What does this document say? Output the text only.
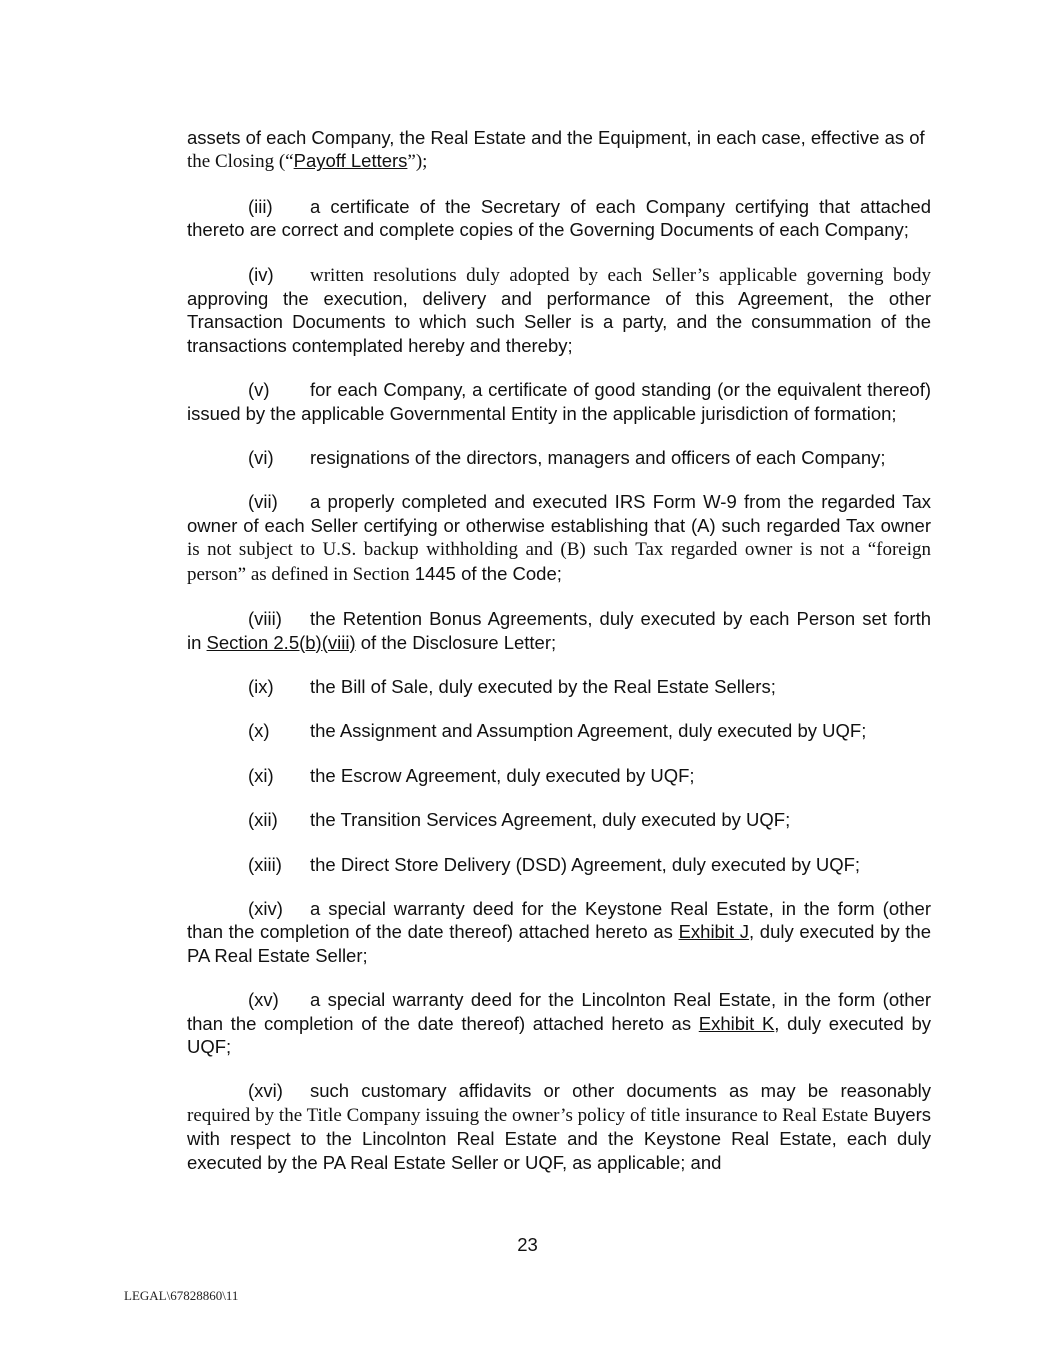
assets of each Company, the Real Estate and the Equipment, in each case, effective as of
the Closing (“Payoff Letters”);

(iii) a certificate of the Secretary of each Company certifying that attached thereto are correct and complete copies of the Governing Documents of each Company;

(iv) written resolutions duly adopted by each Seller’s applicable governing body approving the execution, delivery and performance of this Agreement, the other Transaction Documents to which such Seller is a party, and the consummation of the transactions contemplated hereby and thereby;

(v) for each Company, a certificate of good standing (or the equivalent thereof) issued by the applicable Governmental Entity in the applicable jurisdiction of formation;

(vi) resignations of the directors, managers and officers of each Company;

(vii) a properly completed and executed IRS Form W-9 from the regarded Tax owner of each Seller certifying or otherwise establishing that (A) such regarded Tax owner is not subject to U.S. backup withholding and (B) such Tax regarded owner is not a “foreign person” as defined in Section 1445 of the Code;

(viii) the Retention Bonus Agreements, duly executed by each Person set forth in Section 2.5(b)(viii) of the Disclosure Letter;

(ix) the Bill of Sale, duly executed by the Real Estate Sellers;

(x) the Assignment and Assumption Agreement, duly executed by UQF;

(xi) the Escrow Agreement, duly executed by UQF;

(xii) the Transition Services Agreement, duly executed by UQF;

(xiii) the Direct Store Delivery (DSD) Agreement, duly executed by UQF;

(xiv) a special warranty deed for the Keystone Real Estate, in the form (other than the completion of the date thereof) attached hereto as Exhibit J, duly executed by the PA Real Estate Seller;

(xv) a special warranty deed for the Lincolnton Real Estate, in the form (other than the completion of the date thereof) attached hereto as Exhibit K, duly executed by UQF;

(xvi) such customary affidavits or other documents as may be reasonably required by the Title Company issuing the owner’s policy of title insurance to Real Estate Buyers with respect to the Lincolnton Real Estate and the Keystone Real Estate, each duly executed by the PA Real Estate Seller or UQF, as applicable; and

23
LEGAL\67828860\11
